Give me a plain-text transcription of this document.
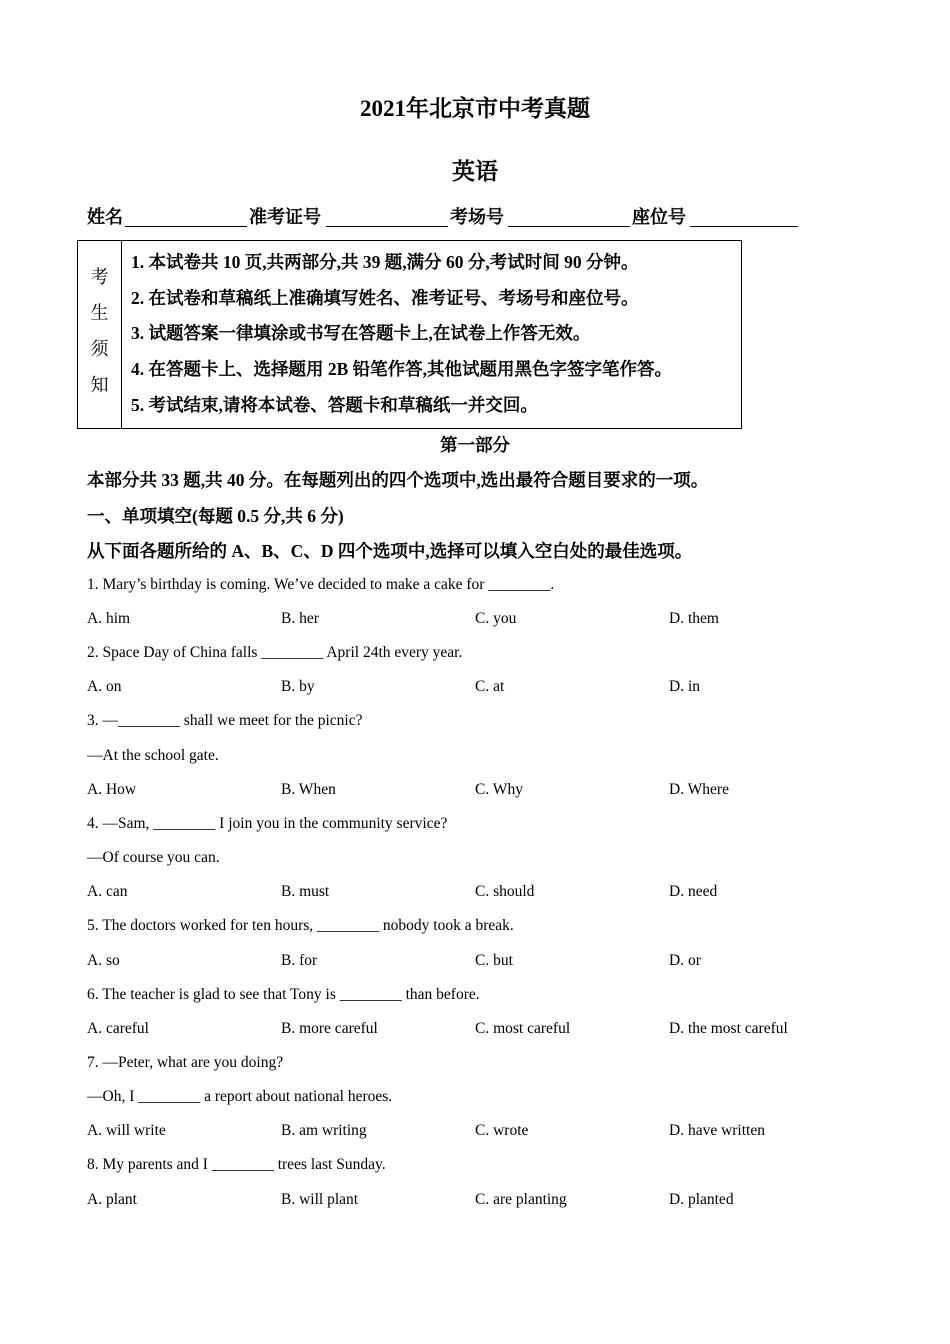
2021年北京市中考真题
英语
姓名	准考证号	考场号	座位号
考
生
须
知
1. 本试卷共 10 页,共两部分,共 39 题,满分 60 分,考试时间 90 分钟。
2. 在试卷和草稿纸上准确填写姓名、准考证号、考场号和座位号。
3. 试题答案一律填涂或书写在答题卡上,在试卷上作答无效。
4. 在答题卡上、选择题用 2B 铅笔作答,其他试题用黑色字签字笔作答。
5. 考试结束,请将本试卷、答题卡和草稿纸一并交回。
第一部分
本部分共 33 题,共 40 分。在每题列出的四个选项中,选出最符合题目要求的一项。
一、单项填空(每题 0.5 分,共 6 分)
从下面各题所给的 A、B、C、D 四个选项中,选择可以填入空白处的最佳选项。
1. Mary’s birthday is coming. We’ve decided to make a cake for ________.
A. him	B. her	C. you	D. them
2. Space Day of China falls ________ April 24th every year.
A. on	B. by	C. at	D. in
3. —________ shall we meet for the picnic?
—At the school gate.
A. How	B. When	C. Why	D. Where
4. —Sam, ________ I join you in the community service?
—Of course you can.
A. can	B. must	C. should	D. need
5. The doctors worked for ten hours, ________ nobody took a break.
A. so	B. for	C. but	D. or
6. The teacher is glad to see that Tony is ________ than before.
A. careful	B. more careful	C. most careful	D. the most careful
7. —Peter, what are you doing?
—Oh, I ________ a report about national heroes.
A. will write	B. am writing	C. wrote	D. have written
8. My parents and I ________ trees last Sunday.
A. plant	B. will plant	C. are planting	D. planted
